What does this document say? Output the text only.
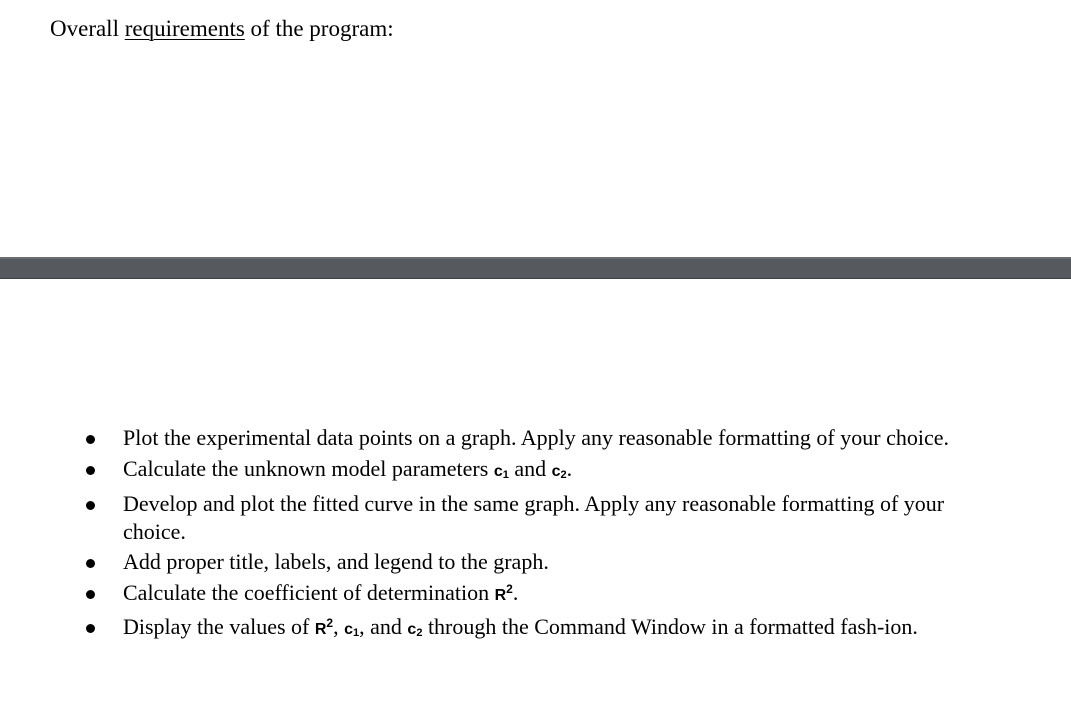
Overall requirements of the program:
Plot the experimental data points on a graph. Apply any reasonable formatting of your choice.
Calculate the unknown model parameters $c_1$ and $c_2$.
Develop and plot the fitted curve in the same graph. Apply any reasonable formatting of your choice.
Add proper title, labels, and legend to the graph.
Calculate the coefficient of determination $R^2$.
Display the values of $R^2$, $c_1$, and $c_2$ through the Command Window in a formatted fash-ion.
